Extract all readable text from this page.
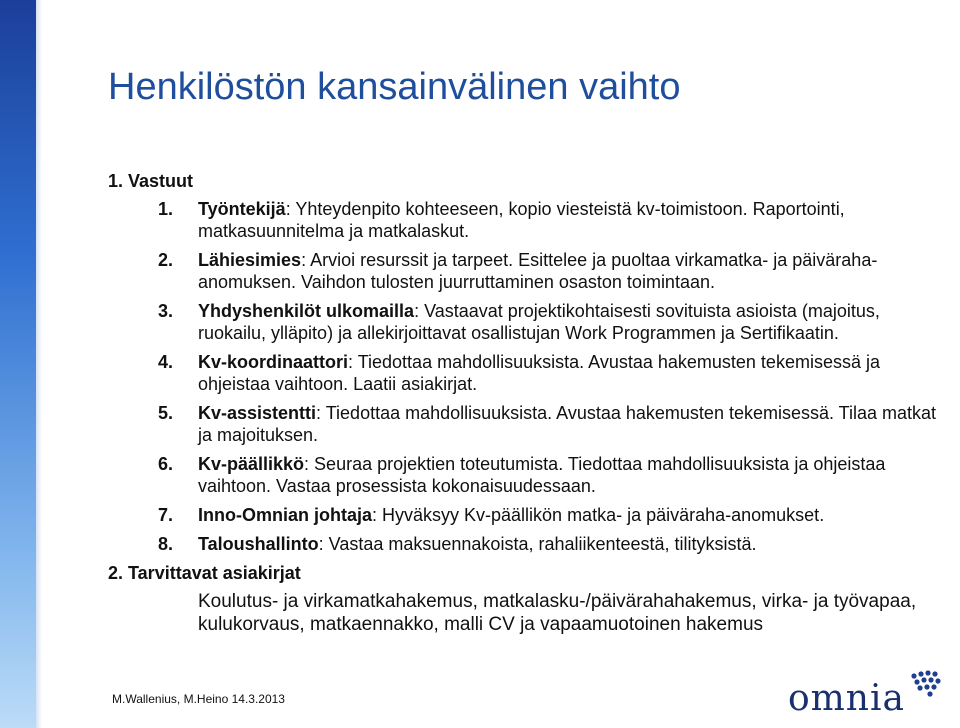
Henkilöstön kansainvälinen vaihto
1. Vastuut
1. Työntekijä: Yhteydenpito kohteeseen, kopio viesteistä kv-toimistoon. Raportointi, matkasuunnitelma ja matkalaskut.
2. Lähiesimies: Arvioi resurssit ja tarpeet. Esittelee ja puoltaa virkamatka- ja päiväraha-anomuksen. Vaihdon tulosten juurruttaminen osaston toimintaan.
3. Yhdyshenkilöt ulkomailla: Vastaavat projektikohtaisesti sovituista asioista (majoitus, ruokailu, ylläpito) ja allekirjoittavat osallistujan Work Programmen ja Sertifikaatin.
4. Kv-koordinaattori: Tiedottaa mahdollisuuksista. Avustaa hakemusten tekemisessä ja ohjeistaa vaihtoon. Laatii asiakirjat.
5. Kv-assistentti: Tiedottaa mahdollisuuksista. Avustaa hakemusten tekemisessä. Tilaa matkat ja majoituksen.
6. Kv-päällikkö: Seuraa projektien toteutumista. Tiedottaa mahdollisuuksista ja ohjeistaa vaihtoon. Vastaa prosessista kokonaisuudessaan.
7. Inno-Omnian johtaja: Hyväksyy Kv-päällikön matka- ja päiväraha-anomukset.
8. Taloushallinto: Vastaa maksuennakoista, rahaliikenteestä, tilityksistä.
2. Tarvittavat asiakirjat
Koulutus- ja virkamatkahakemus, matkalasku-/päivärahahakemus, virka- ja työvapaa, kulukorvaus, matkaennakko, malli CV ja vapaamuotoinen hakemus
M.Wallenius, M.Heino 14.3.2013	omnia
